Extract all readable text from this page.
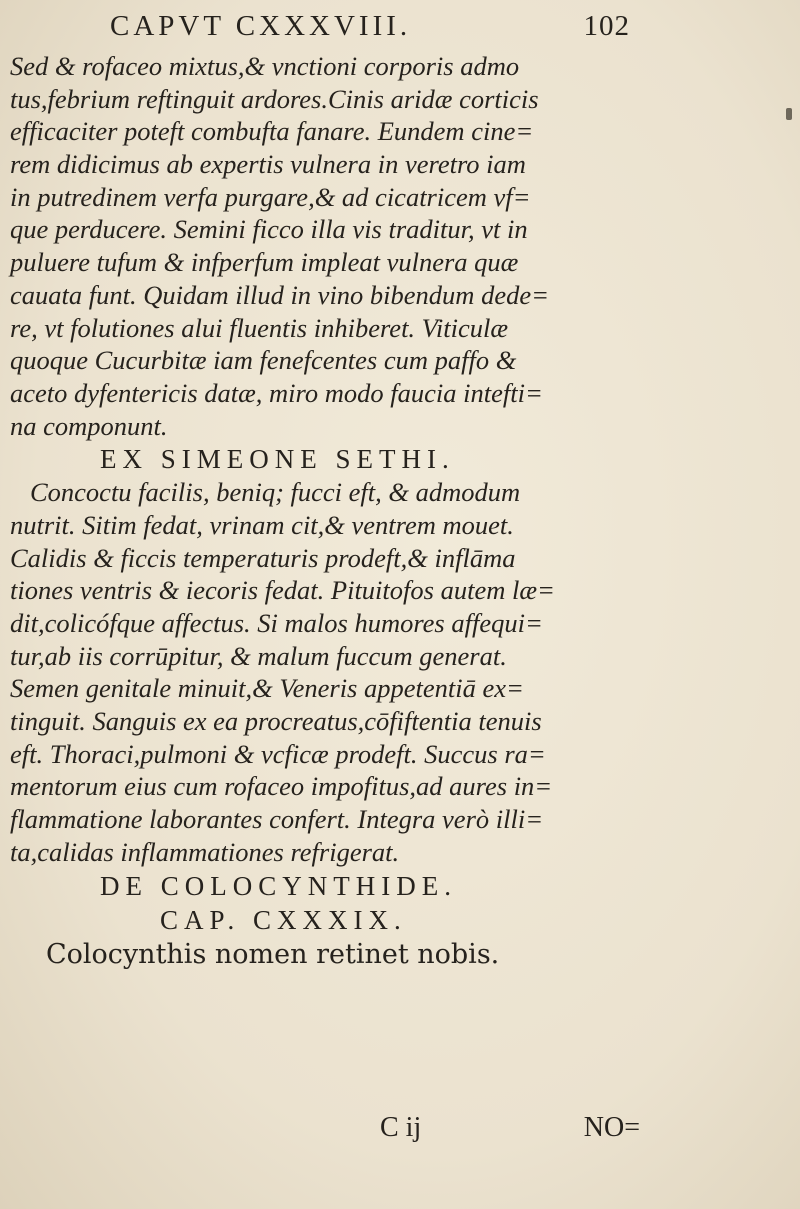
CAPVT CXXXVIII.	102
Sed & rofaceo mixtus,& vnctioni corporis admo
tus,febrium reftinguit ardores.Cinis aridæ corticis
efficaciter poteft combufta fanare. Eundem cine=
rem didicimus ab expertis vulnera in veretro iam
in putredinem verfa purgare,& ad cicatricem vf=
que perducere. Semini ficco illa vis traditur, vt in
puluere tufum & infperfum impleat vulnera quæ
cauata funt. Quidam illud in vino bibendum dede=
re, vt folutiones alui fluentis inhiberet. Viticulæ
quoque Cucurbitæ iam fenefcentes cum paffo &
aceto dyfentericis datæ, miro modo faucia intefti=
na componunt.
EX SIMEONE SETHI.
Concoctu facilis, beniq; fucci eft, & admodum
nutrit. Sitim fedat, vrinam cit,& ventrem mouet.
Calidis & ficcis temperaturis prodeft,& inflāma
tiones ventris & iecoris fedat. Pituitofos autem læ=
dit,colicófque affectus. Si malos humores affequi=
tur,ab iis corrūpitur, & malum fuccum generat.
Semen genitale minuit,& Veneris appetentiā ex=
tinguit. Sanguis ex ea procreatus,cōfiftentia tenuis
eft. Thoraci,pulmoni & vcficæ prodeft. Succus ra=
mentorum eius cum rofaceo impofitus,ad aures in=
flammatione laborantes confert. Integra verò illi=
ta,calidas inflammationes refrigerat.
DE COLOCYNTHIDE.
CAP. CXXXIX.
Colocynthis nomen retinet nobis.
C ij	NO=
